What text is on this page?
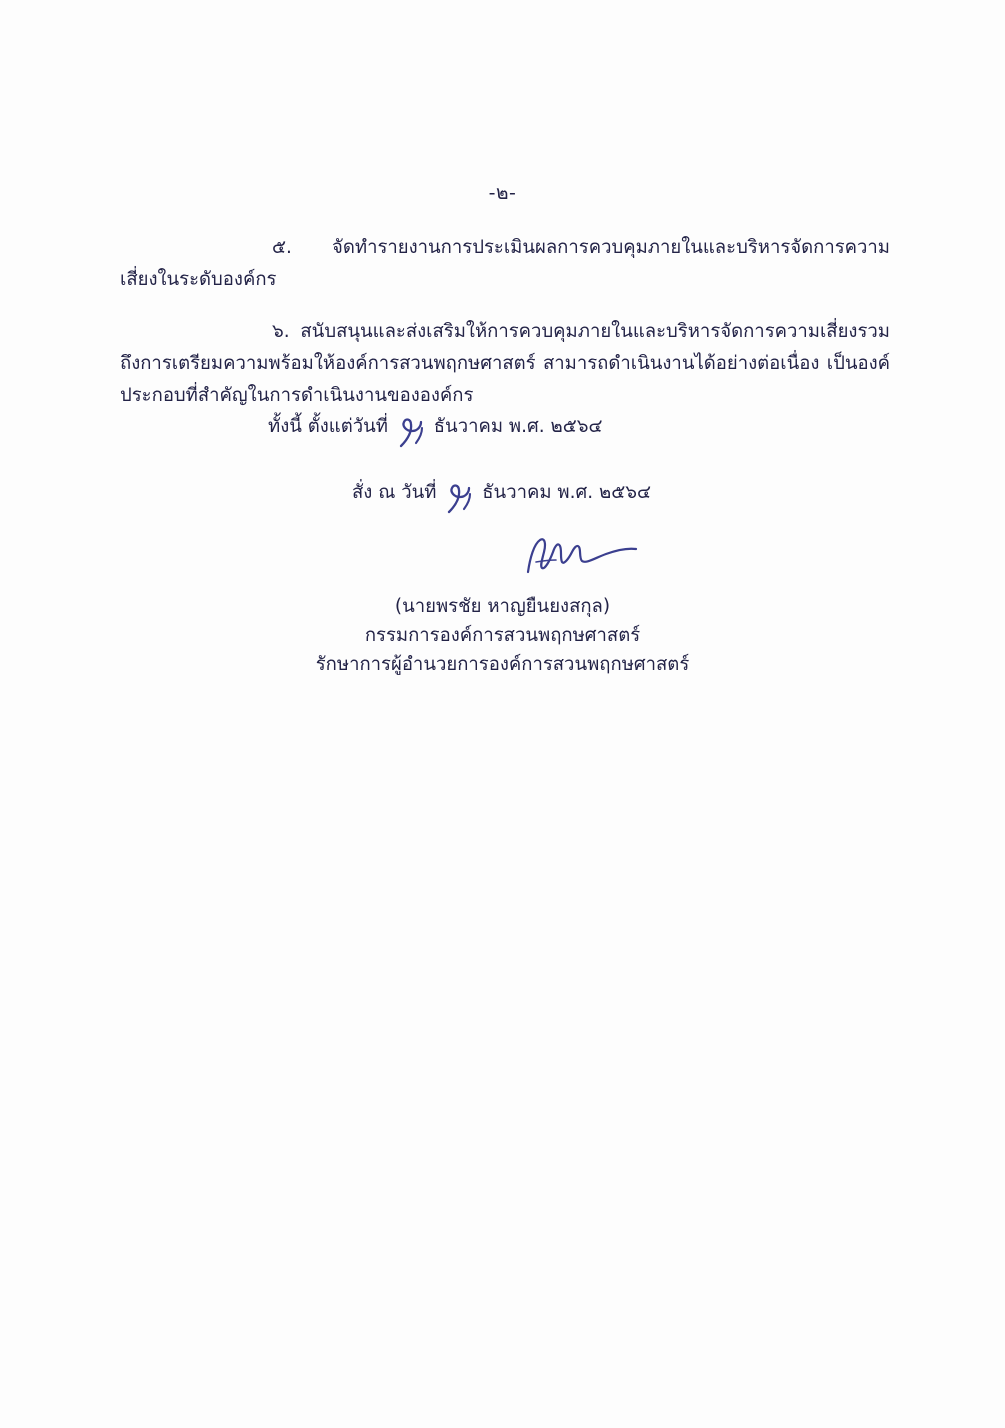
-๒-
๕. จัดทำรายงานการประเมินผลการควบคุมภายในและบริหารจัดการความเสี่ยงในระดับองค์กร
๖. สนับสนุนและส่งเสริมให้การควบคุมภายในและบริหารจัดการความเสี่ยงรวมถึงการเตรียมความพร้อมให้องค์การสวนพฤกษศาสตร์ สามารถดำเนินงานได้อย่างต่อเนื่อง เป็นองค์ประกอบที่สำคัญในการดำเนินงานขององค์กร
ทั้งนี้ ตั้งแต่วันที่ ธันวาคม พ.ศ. ๒๕๖๔
สั่ง ณ วันที่ ธันวาคม พ.ศ. ๒๕๖๔
(นายพรชัย หาญยืนยงสกุล)
กรรมการองค์การสวนพฤกษศาสตร์
รักษาการผู้อำนวยการองค์การสวนพฤกษศาสตร์
